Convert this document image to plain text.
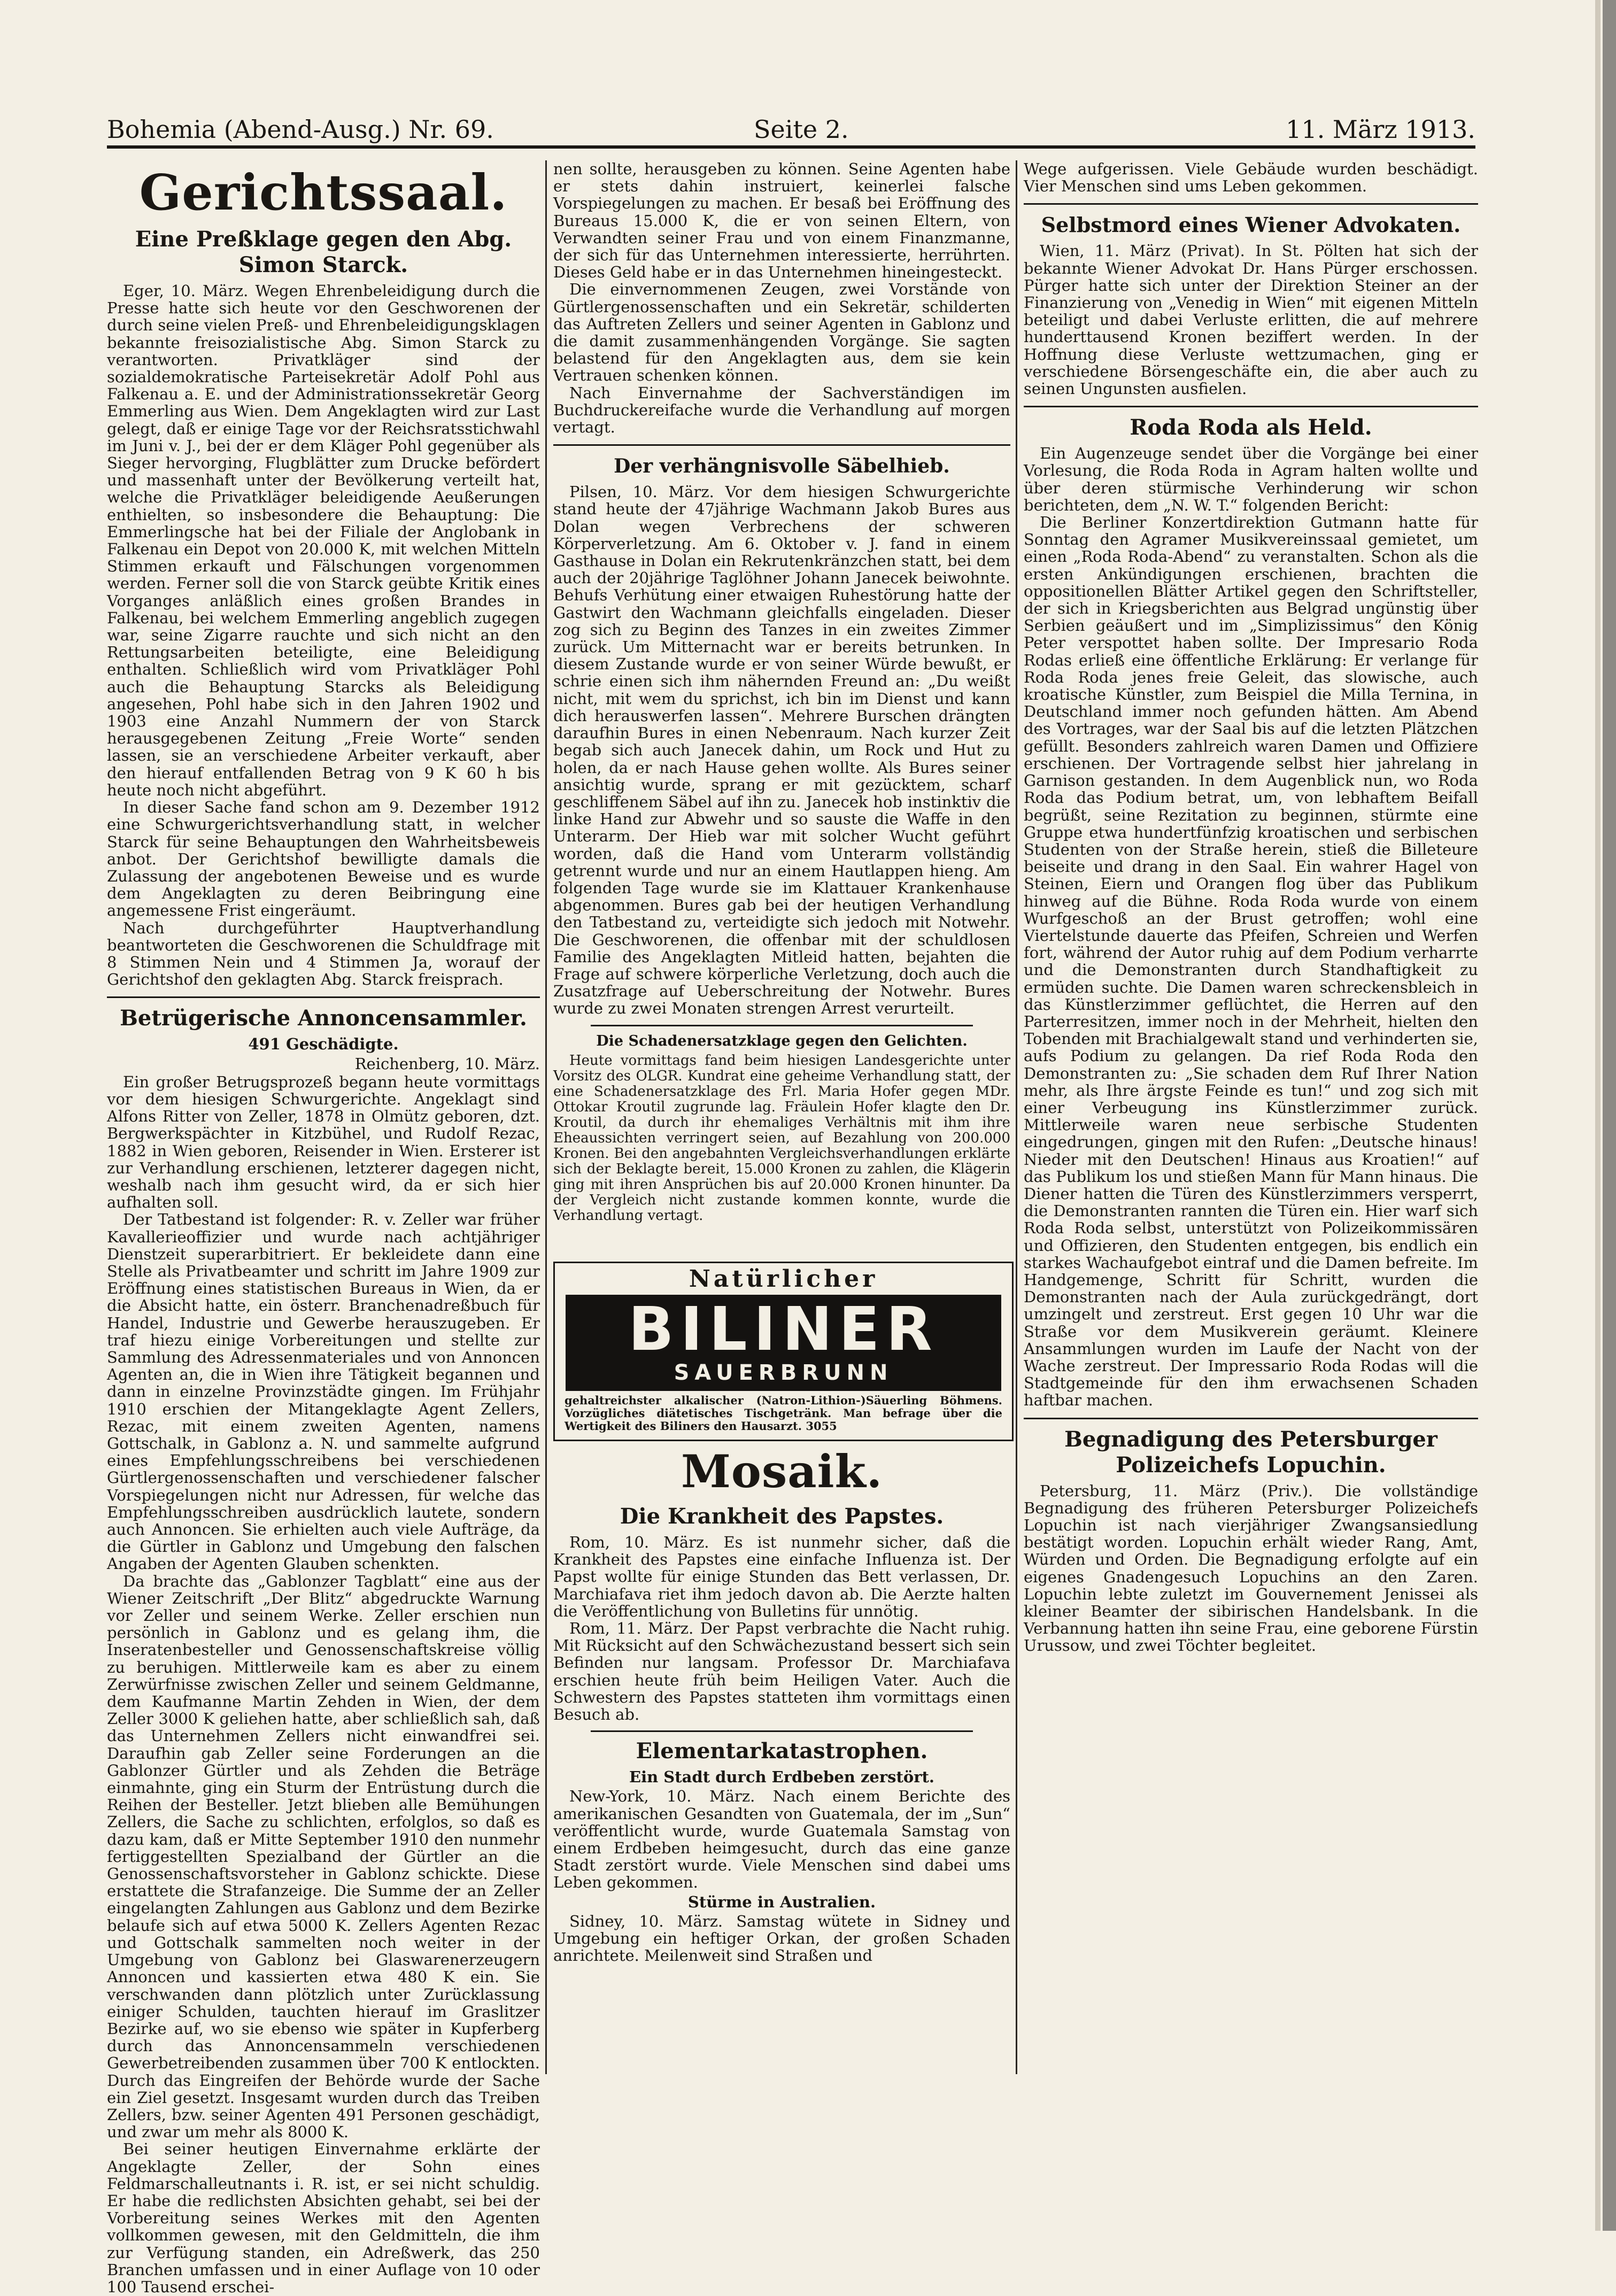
Bohemia (Abend-Ausg.) Nr. 69.	Seite 2.	11. März 1913.
Gerichtssaal.
Eine Preßklage gegen den Abg. Simon Starck.

Eger, 10. März. Wegen Ehrenbeleidigung durch die Presse hatte sich heute vor den Geschworenen der durch seine vielen Preß- und Ehrenbeleidigungsklagen bekannte freisozialistische Abg. Simon Starck zu verantworten. Privatkläger sind der sozialdemokratische Parteisekretär Adolf Pohl aus Falkenau a. E. und der Administrationssekretär Georg Emmerling aus Wien. Dem Angeklagten wird zur Last gelegt, daß er einige Tage vor der Reichsratsstichwahl im Juni v. J., bei der er dem Kläger Pohl gegenüber als Sieger hervorging, Flugblätter zum Drucke befördert und massenhaft unter der Bevölkerung verteilt hat, welche die Privatkläger beleidigende Aeußerungen enthielten, so insbesondere die Behauptung: Die Emmerlingsche hat bei der Filiale der Anglobank in Falkenau ein Depot von 20.000 K, mit welchen Mitteln Stimmen erkauft und Fälschungen vorgenommen werden. Ferner soll die von Starck geübte Kritik eines Vorganges anläßlich eines großen Brandes in Falkenau, bei welchem Emmerling angeblich zugegen war, seine Zigarre rauchte und sich nicht an den Rettungsarbeiten beteiligte, eine Beleidigung enthalten. Schließlich wird vom Privatkläger Pohl auch die Behauptung Starcks als Beleidigung angesehen, Pohl habe sich in den Jahren 1902 und 1903 eine Anzahl Nummern der von Starck herausgegebenen Zeitung „Freie Worte“ senden lassen, sie an verschiedene Arbeiter verkauft, aber den hierauf entfallenden Betrag von 9 K 60 h bis heute noch nicht abgeführt.

In dieser Sache fand schon am 9. Dezember 1912 eine Schwurgerichtsverhandlung statt, in welcher Starck für seine Behauptungen den Wahrheitsbeweis anbot. Der Gerichtshof bewilligte damals die Zulassung der angebotenen Beweise und es wurde dem Angeklagten zu deren Beibringung eine angemessene Frist eingeräumt.

Nach durchgeführter Hauptverhandlung beantworteten die Geschworenen die Schuldfrage mit 8 Stimmen Nein und 4 Stimmen Ja, worauf der Gerichtshof den geklagten Abg. Starck freisprach.

Betrügerische Annoncensammler.
491 Geschädigte.
Reichenberg, 10. März.

Ein großer Betrugsprozeß begann heute vormittags vor dem hiesigen Schwurgerichte. Angeklagt sind Alfons Ritter von Zeller, 1878 in Olmütz geboren, dzt. Bergwerkspächter in Kitzbühel, und Rudolf Rezac, 1882 in Wien geboren, Reisender in Wien. Ersterer ist zur Verhandlung erschienen, letzterer dagegen nicht, weshalb nach ihm gesucht wird, da er sich hier aufhalten soll.

Der Tatbestand ist folgender: R. v. Zeller war früher Kavallerieoffizier und wurde nach achtjähriger Dienstzeit superarbitriert. Er bekleidete dann eine Stelle als Privatbeamter und schritt im Jahre 1909 zur Eröffnung eines statistischen Bureaus in Wien, da er die Absicht hatte, ein österr. Branchenadreßbuch für Handel, Industrie und Gewerbe herauszugeben. Er traf hiezu einige Vorbereitungen und stellte zur Sammlung des Adressenmateriales und von Annoncen Agenten an, die in Wien ihre Tätigkeit begannen und dann in einzelne Provinzstädte gingen. Im Frühjahr 1910 erschien der Mitangeklagte Agent Zellers, Rezac, mit einem zweiten Agenten, namens Gottschalk, in Gablonz a. N. und sammelte aufgrund eines Empfehlungsschreibens bei verschiedenen Gürtlergenossenschaften und verschiedener falscher Vorspiegelungen nicht nur Adressen, für welche das Empfehlungsschreiben ausdrücklich lautete, sondern auch Annoncen. Sie erhielten auch viele Aufträge, da die Gürtler in Gablonz und Umgebung den falschen Angaben der Agenten Glauben schenkten.

Da brachte das „Gablonzer Tagblatt“ eine aus der Wiener Zeitschrift „Der Blitz“ abgedruckte Warnung vor Zeller und seinem Werke. Zeller erschien nun persönlich in Gablonz und es gelang ihm, die Inseratenbesteller und Genossenschaftskreise völlig zu beruhigen. Mittlerweile kam es aber zu einem Zerwürfnisse zwischen Zeller und seinem Geldmanne, dem Kaufmanne Martin Zehden in Wien, der dem Zeller 3000 K geliehen hatte, aber schließlich sah, daß das Unternehmen Zellers nicht einwandfrei sei. Daraufhin gab Zeller seine Forderungen an die Gablonzer Gürtler und als Zehden die Beträge einmahnte, ging ein Sturm der Entrüstung durch die Reihen der Besteller. Jetzt blieben alle Bemühungen Zellers, die Sache zu schlichten, erfolglos, so daß es dazu kam, daß er Mitte September 1910 den nunmehr fertiggestellten Spezialband der Gürtler an die Genossenschaftsvorsteher in Gablonz schickte. Diese erstattete die Strafanzeige. Die Summe der an Zeller eingelangten Zahlungen aus Gablonz und dem Bezirke belaufe sich auf etwa 5000 K. Zellers Agenten Rezac und Gottschalk sammelten noch weiter in der Umgebung von Gablonz bei Glaswarenerzeugern Annoncen und kassierten etwa 480 K ein. Sie verschwanden dann plötzlich unter Zurücklassung einiger Schulden, tauchten hierauf im Graslitzer Bezirke auf, wo sie ebenso wie später in Kupferberg durch das Annoncensammeln verschiedenen Gewerbetreibenden zusammen über 700 K entlockten. Durch das Eingreifen der Behörde wurde der Sache ein Ziel gesetzt. Insgesamt wurden durch das Treiben Zellers, bzw. seiner Agenten 491 Personen geschädigt, und zwar um mehr als 8000 K.

Bei seiner heutigen Einvernahme erklärte der Angeklagte Zeller, der Sohn eines Feldmarschalleutnants i. R. ist, er sei nicht schuldig. Er habe die redlichsten Absichten gehabt, sei bei der Vorbereitung seines Werkes mit den Agenten vollkommen gewesen, mit den Geldmitteln, die ihm zur Verfügung standen, ein Adreßwerk, das 250 Branchen umfassen und in einer Auflage von 10 oder 100 Tausend erschei-

nen sollte, herausgeben zu können. Seine Agenten habe er stets dahin instruiert, keinerlei falsche Vorspiegelungen zu machen. Er besaß bei Eröffnung des Bureaus 15.000 K, die er von seinen Eltern, von Verwandten seiner Frau und von einem Finanzmanne, der sich für das Unternehmen interessierte, herrührten. Dieses Geld habe er in das Unternehmen hineingesteckt.

Die einvernommenen Zeugen, zwei Vorstände von Gürtlergenossenschaften und ein Sekretär, schilderten das Auftreten Zellers und seiner Agenten in Gablonz und die damit zusammenhängenden Vorgänge. Sie sagten belastend für den Angeklagten aus, dem sie kein Vertrauen schenken können.

Nach Einvernahme der Sachverständigen im Buchdruckereifache wurde die Verhandlung auf morgen vertagt.

Der verhängnisvolle Säbelhieb.

Pilsen, 10. März. Vor dem hiesigen Schwurgerichte stand heute der 47jährige Wachmann Jakob Bures aus Dolan wegen Verbrechens der schweren Körperverletzung. Am 6. Oktober v. J. fand in einem Gasthause in Dolan ein Rekrutenkränzchen statt, bei dem auch der 20jährige Taglöhner Johann Janecek beiwohnte. Behufs Verhütung einer etwaigen Ruhestörung hatte der Gastwirt den Wachmann gleichfalls eingeladen. Dieser zog sich zu Beginn des Tanzes in ein zweites Zimmer zurück. Um Mitternacht war er bereits betrunken. In diesem Zustande wurde er von seiner Würde bewußt, er schrie einen sich ihm nähernden Freund an: „Du weißt nicht, mit wem du sprichst, ich bin im Dienst und kann dich herauswerfen lassen“. Mehrere Burschen drängten daraufhin Bures in einen Nebenraum. Nach kurzer Zeit begab sich auch Janecek dahin, um Rock und Hut zu holen, da er nach Hause gehen wollte. Als Bures seiner ansichtig wurde, sprang er mit gezücktem, scharf geschliffenem Säbel auf ihn zu. Janecek hob instinktiv die linke Hand zur Abwehr und so sauste die Waffe in den Unterarm. Der Hieb war mit solcher Wucht geführt worden, daß die Hand vom Unterarm vollständig getrennt wurde und nur an einem Hautlappen hieng. Am folgenden Tage wurde sie im Klattauer Krankenhause abgenommen. Bures gab bei der heutigen Verhandlung den Tatbestand zu, verteidigte sich jedoch mit Notwehr. Die Geschworenen, die offenbar mit der schuldlosen Familie des Angeklagten Mitleid hatten, bejahten die Frage auf schwere körperliche Verletzung, doch auch die Zusatzfrage auf Ueberschreitung der Notwehr. Bures wurde zu zwei Monaten strengen Arrest verurteilt.

Die Schadenersatzklage gegen den Gelichten.

Heute vormittags fand beim hiesigen Landesgerichte unter Vorsitz des OLGR. Kundrat eine geheime Verhandlung statt, der eine Schadenersatzklage des Frl. Maria Hofer gegen MDr. Ottokar Kroutil zugrunde lag. Fräulein Hofer klagte den Dr. Kroutil, da durch ihr ehemaliges Verhältnis mit ihm ihre Eheaussichten verringert seien, auf Bezahlung von 200.000 Kronen. Bei den angebahnten Vergleichsverhandlungen erklärte sich der Beklagte bereit, 15.000 Kronen zu zahlen, die Klägerin ging mit ihren Ansprüchen bis auf 20.000 Kronen hinunter. Da der Vergleich nicht zustande kommen konnte, wurde die Verhandlung vertagt.

Natürlicher
BILINER
SAUERBRUNN
gehaltreichster alkalischer (Natron-Lithion-)Säuerling Böhmens. Vorzügliches diätetisches Tischgetränk. Man befrage über die Wertigkeit des Biliners den Hausarzt. 3055
Mosaik.
Die Krankheit des Papstes.

Rom, 10. März. Es ist nunmehr sicher, daß die Krankheit des Papstes eine einfache Influenza ist. Der Papst wollte für einige Stunden das Bett verlassen, Dr. Marchiafava riet ihm jedoch davon ab. Die Aerzte halten die Veröffentlichung von Bulletins für unnötig.

Rom, 11. März. Der Papst verbrachte die Nacht ruhig. Mit Rücksicht auf den Schwächezustand bessert sich sein Befinden nur langsam. Professor Dr. Marchiafava erschien heute früh beim Heiligen Vater. Auch die Schwestern des Papstes statteten ihm vormittags einen Besuch ab.

Elementarkatastrophen.
Ein Stadt durch Erdbeben zerstört.

New-York, 10. März. Nach einem Berichte des amerikanischen Gesandten von Guatemala, der im „Sun“ veröffentlicht wurde, wurde Guatemala Samstag von einem Erdbeben heimgesucht, durch das eine ganze Stadt zerstört wurde. Viele Menschen sind dabei ums Leben gekommen.

Stürme in Australien.

Sidney, 10. März. Samstag wütete in Sidney und Umgebung ein heftiger Orkan, der großen Schaden anrichtete. Meilenweit sind Straßen und

Wege aufgerissen. Viele Gebäude wurden beschädigt. Vier Menschen sind ums Leben gekommen.

Selbstmord eines Wiener Advokaten.

Wien, 11. März (Privat). In St. Pölten hat sich der bekannte Wiener Advokat Dr. Hans Pürger erschossen. Pürger hatte sich unter der Direktion Steiner an der Finanzierung von „Venedig in Wien“ mit eigenen Mitteln beteiligt und dabei Verluste erlitten, die auf mehrere hunderttausend Kronen beziffert werden. In der Hoffnung diese Verluste wettzumachen, ging er verschiedene Börsengeschäfte ein, die aber auch zu seinen Ungunsten ausfielen.

Roda Roda als Held.

Ein Augenzeuge sendet über die Vorgänge bei einer Vorlesung, die Roda Roda in Agram halten wollte und über deren stürmische Verhinderung wir schon berichteten, dem „N. W. T.“ folgenden Bericht:

Die Berliner Konzertdirektion Gutmann hatte für Sonntag den Agramer Musikvereinssaal gemietet, um einen „Roda Roda-Abend“ zu veranstalten. Schon als die ersten Ankündigungen erschienen, brachten die oppositionellen Blätter Artikel gegen den Schriftsteller, der sich in Kriegsberichten aus Belgrad ungünstig über Serbien geäußert und im „Simplizissimus“ den König Peter verspottet haben sollte. Der Impresario Roda Rodas erließ eine öffentliche Erklärung: Er verlange für Roda Roda jenes freie Geleit, das slowische, auch kroatische Künstler, zum Beispiel die Milla Ternina, in Deutschland immer noch gefunden hätten. Am Abend des Vortrages, war der Saal bis auf die letzten Plätzchen gefüllt. Besonders zahlreich waren Damen und Offiziere erschienen. Der Vortragende selbst hier jahrelang in Garnison gestanden. In dem Augenblick nun, wo Roda Roda das Podium betrat, um, von lebhaftem Beifall begrüßt, seine Rezitation zu beginnen, stürmte eine Gruppe etwa hundertfünfzig kroatischen und serbischen Studenten von der Straße herein, stieß die Billeteure beiseite und drang in den Saal. Ein wahrer Hagel von Steinen, Eiern und Orangen flog über das Publikum hinweg auf die Bühne. Roda Roda wurde von einem Wurfgeschoß an der Brust getroffen; wohl eine Viertelstunde dauerte das Pfeifen, Schreien und Werfen fort, während der Autor ruhig auf dem Podium verharrte und die Demonstranten durch Standhaftigkeit zu ermüden suchte. Die Damen waren schreckensbleich in das Künstlerzimmer geflüchtet, die Herren auf den Parterresitzen, immer noch in der Mehrheit, hielten den Tobenden mit Brachialgewalt stand und verhinderten sie, aufs Podium zu gelangen. Da rief Roda Roda den Demonstranten zu: „Sie schaden dem Ruf Ihrer Nation mehr, als Ihre ärgste Feinde es tun!“ und zog sich mit einer Verbeugung ins Künstlerzimmer zurück. Mittlerweile waren neue serbische Studenten eingedrungen, gingen mit den Rufen: „Deutsche hinaus! Nieder mit den Deutschen! Hinaus aus Kroatien!“ auf das Publikum los und stießen Mann für Mann hinaus. Die Diener hatten die Türen des Künstlerzimmers versperrt, die Demonstranten rannten die Türen ein. Hier warf sich Roda Roda selbst, unterstützt von Polizeikommissären und Offizieren, den Studenten entgegen, bis endlich ein starkes Wachaufgebot eintraf und die Damen befreite. Im Handgemenge, Schritt für Schritt, wurden die Demonstranten nach der Aula zurückgedrängt, dort umzingelt und zerstreut. Erst gegen 10 Uhr war die Straße vor dem Musikverein geräumt. Kleinere Ansammlungen wurden im Laufe der Nacht von der Wache zerstreut. Der Impressario Roda Rodas will die Stadtgemeinde für den ihm erwachsenen Schaden haftbar machen.

Begnadigung des Petersburger Polizeichefs Lopuchin.

Petersburg, 11. März (Priv.). Die vollständige Begnadigung des früheren Petersburger Polizeichefs Lopuchin ist nach vierjähriger Zwangsansiedlung bestätigt worden. Lopuchin erhält wieder Rang, Amt, Würden und Orden. Die Begnadigung erfolgte auf ein eigenes Gnadengesuch Lopuchins an den Zaren. Lopuchin lebte zuletzt im Gouvernement Jenissei als kleiner Beamter der sibirischen Handelsbank. In die Verbannung hatten ihn seine Frau, eine geborene Fürstin Urussow, und zwei Töchter begleitet.
